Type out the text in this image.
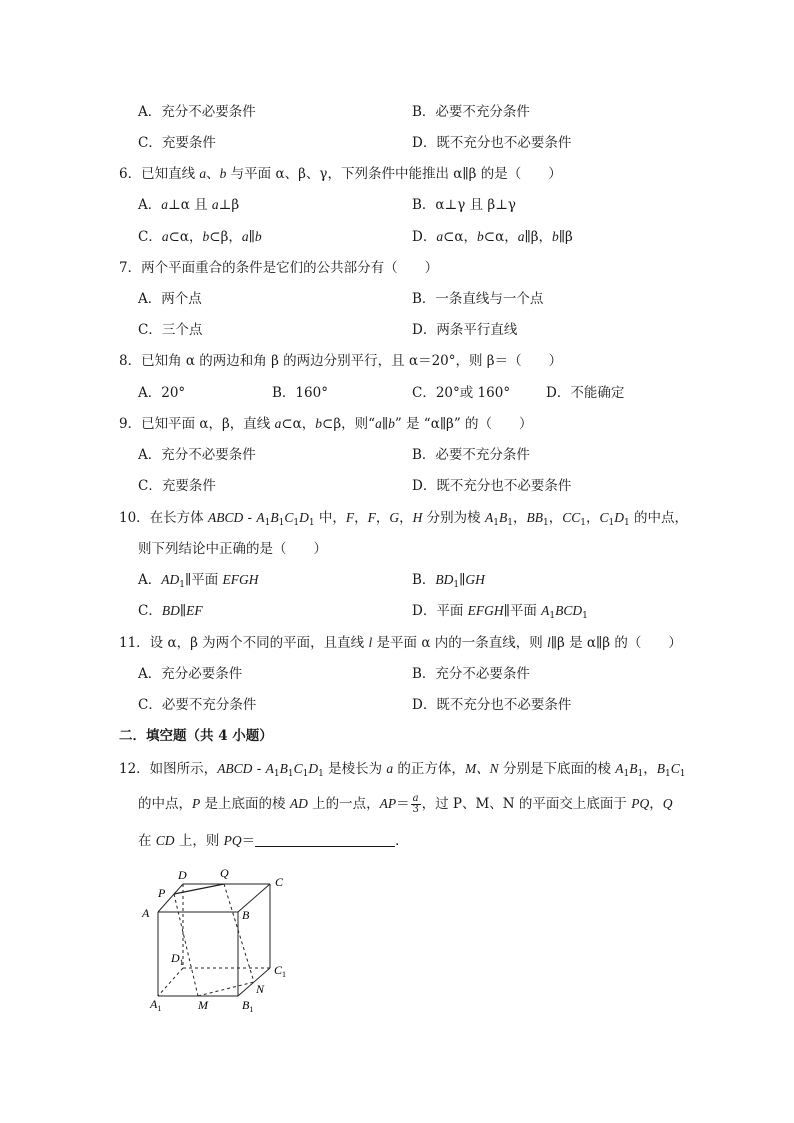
A．充分不必要条件	B．必要不充分条件
C．充要条件	D．既不充分也不必要条件
6．已知直线 a、b 与平面 α、β、γ，下列条件中能推出 α∥β 的是（　　）
A．a⊥α 且 a⊥β	B．α⊥γ 且 β⊥γ
C．a⊂α，b⊂β，a∥b	D．a⊂α，b⊂α，a∥β，b∥β
7．两个平面重合的条件是它们的公共部分有（　　）
A．两个点	B．一条直线与一个点
C．三个点	D．两条平行直线
8．已知角 α 的两边和角 β 的两边分别平行，且 α＝20°，则 β＝（　　）
A．20°	B．160°	C．20°或 160°	D．不能确定
9．已知平面 α，β，直线 a⊂α，b⊂β，则“a∥b” 是 “α∥β” 的（　　）
A．充分不必要条件	B．必要不充分条件
C．充要条件	D．既不充分也不必要条件
10．在长方体 ABCD - $A_1B_1C_1D_1$ 中，F，F，G，H 分别为棱 $A_1B_1$，$BB_1$，$CC_1$，$C_1D_1$ 的中点，
则下列结论中正确的是（　　）
A．$AD_1\parallel$平面 EFGH	B．$BD_1\parallel GH$
C．BD∥EF	D．平面 EFGH∥平面 $A_1BCD_1$
11．设 α，β 为两个不同的平面，且直线 l 是平面 α 内的一条直线，则 l∥β 是 α∥β 的（　　）
A．充分必要条件	B．充分不必要条件
C．必要不充分条件	D．既不充分也不必要条件
二．填空题（共 4 小题）
12．如图所示，ABCD - $A_1B_1C_1D_1$ 是棱长为 a 的正方体，M、N 分别是下底面的棱 $A_1B_1$，$B_1C_1$
的中点，P 是上底面的棱 AD 上的一点，$AP= \frac{a}{3}$ ，过 P、M、N 的平面交上底面于 PQ，Q
在 CD 上，则 PQ＝	．
A	B
C
D
P
Q
$D_1$
$C_1$
N
$A_1$	M	$B_1$
